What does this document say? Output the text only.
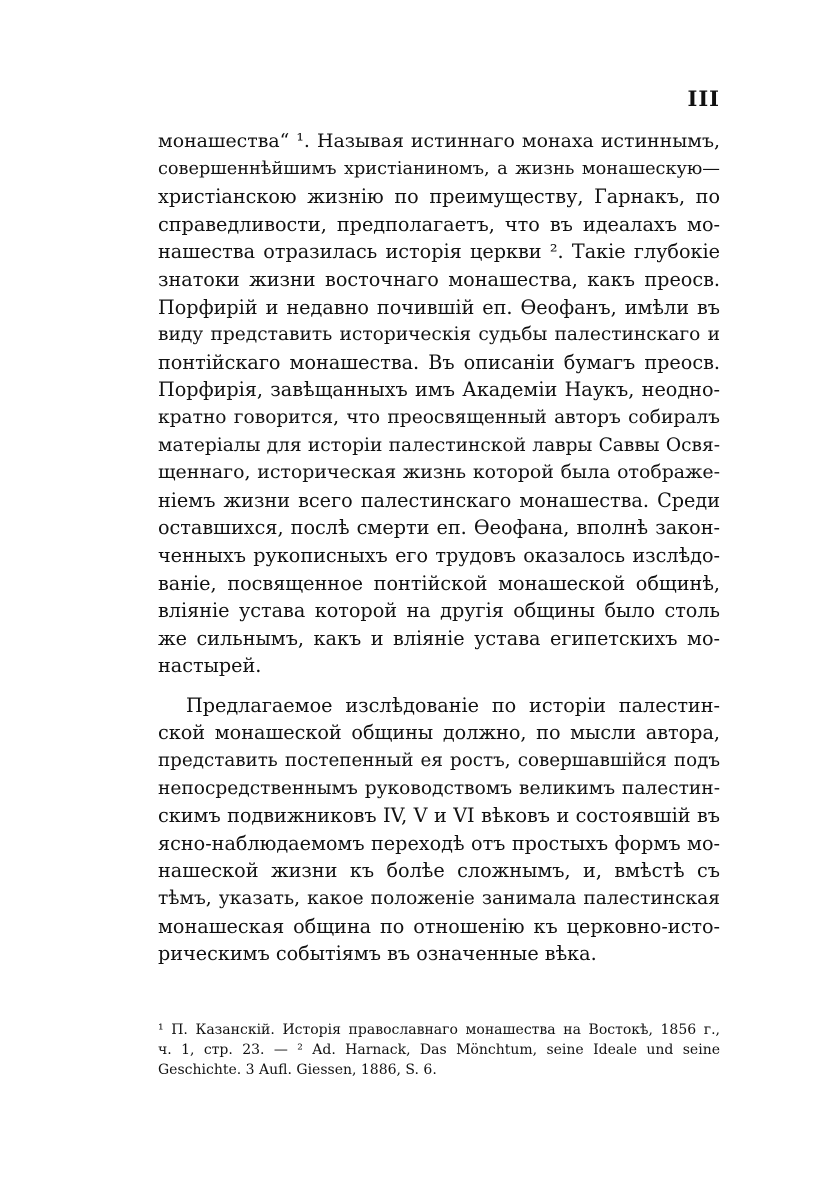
III
монашества“ ¹. Называя истиннаго монаха истиннымъ,
совершеннѣйшимъ христіаниномъ, а жизнь монашескую—
христіанскою жизнію по преимуществу, Гарнакъ, по
справедливости, предполагаетъ, что въ идеалахъ мо-
нашества отразилась исторія церкви ². Такіе глубокіе
знатоки жизни восточнаго монашества, какъ преосв.
Порфирій и недавно почившій еп. Ѳеофанъ, имѣли въ
виду представить историческія судьбы палестинскаго и
понтійскаго монашества. Въ описаніи бумагъ преосв.
Порфирія, завѣщанныхъ имъ Академіи Наукъ, неодно-
кратно говорится, что преосвященный авторъ собиралъ
матеріалы для исторіи палестинской лавры Саввы Освя-
щеннаго, историческая жизнь которой была отображе-
ніемъ жизни всего палестинскаго монашества. Среди
оставшихся, послѣ смерти еп. Ѳеофана, вполнѣ закон-
ченныхъ рукописныхъ его трудовъ оказалось изслѣдо-
ваніе, посвященное понтійской монашеской общинѣ,
вліяніе устава которой на другія общины было столь
же сильнымъ, какъ и вліяніе устава египетскихъ мо-
настырей.
Предлагаемое изслѣдованіе по исторіи палестин-
ской монашеской общины должно, по мысли автора,
представить постепенный ея ростъ, совершавшійся подъ
непосредственнымъ руководствомъ великимъ палестин-
скимъ подвижниковъ IV, V и VI вѣковъ и состоявшій въ
ясно-наблюдаемомъ переходѣ отъ простыхъ формъ мо-
нашеской жизни къ болѣе сложнымъ, и, вмѣстѣ съ
тѣмъ, указать, какое положеніе занимала палестинская
монашеская община по отношенію къ церковно-исто-
рическимъ событіямъ въ означенные вѣка.
¹ П. Казанскій. Исторія православнаго монашества на Востокѣ, 1856 г.,
ч. 1, стр. 23. — ² Ad. Harnack, Das Mönchtum, seine Ideale und seine
Geschichte. 3 Aufl. Giessen, 1886, S. 6.
